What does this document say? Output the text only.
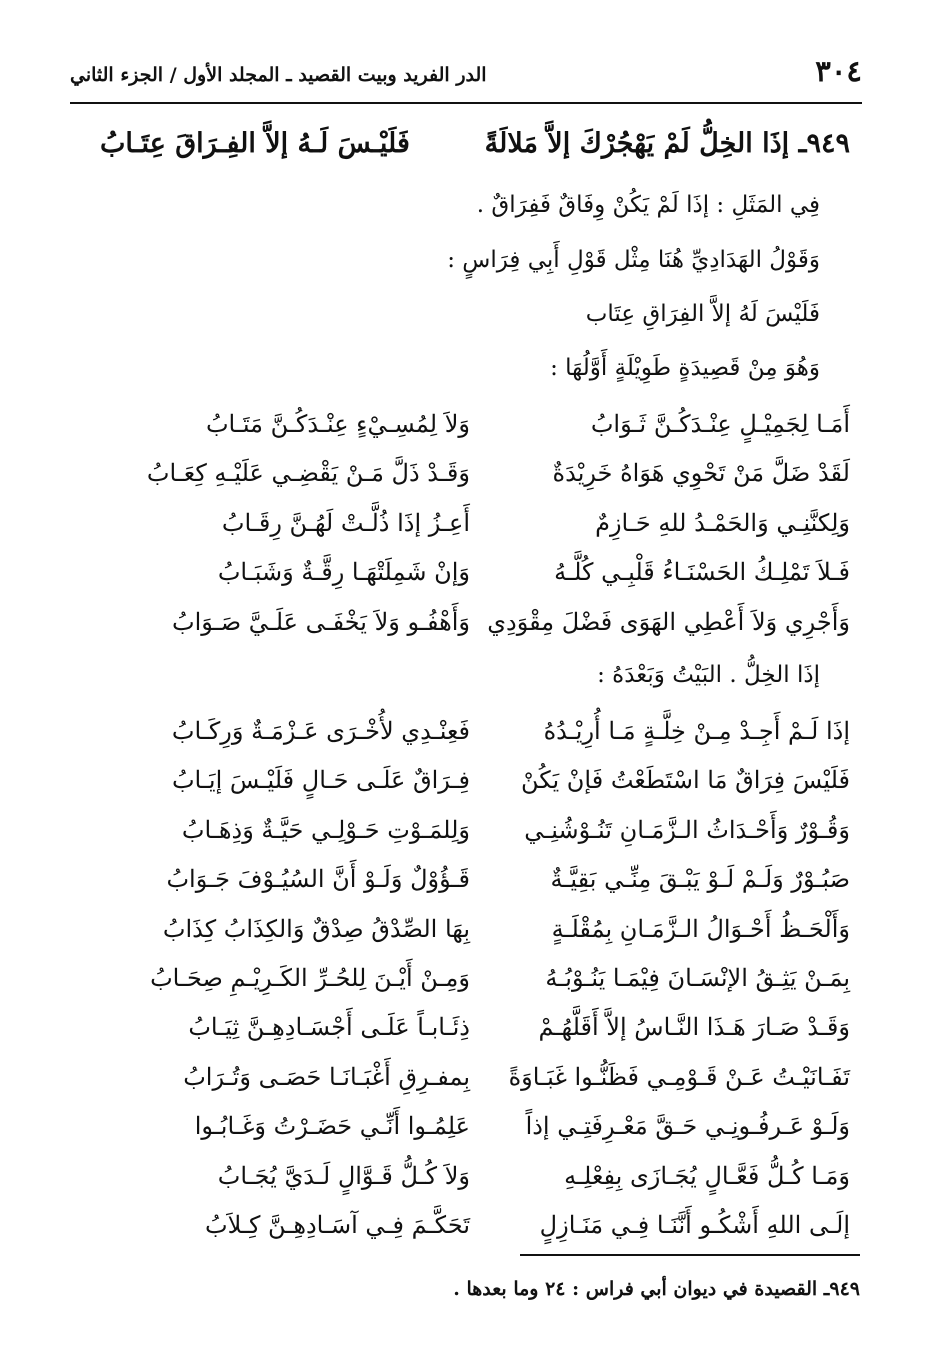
٣٠٤
الدر الفريد وبيت القصيد ـ المجلد الأول / الجزء الثاني
٩٤٩ـ إذَا الخِلُّ لَمْ يَهْجُرْكَ إلاَّ مَلالَةً
فَلَيْـسَ لَـهُ إلاَّ الفِـرَاقَ عِتَـابُ
فِي المَثَلِ : إذَا لَمْ يَكُنْ وِفَاقٌ فَفِرَاقٌ .
وَقَوْلُ الهَدَادِيِّ هُنَا مِثْل قَوْلِ أَبِي فِرَاسٍ :
فَلَيْسَ لَهُ إلاَّ الفِرَاقِ عِتَاب
وَهُوَ مِنْ قَصِيدَةٍ طَوِيْلَةٍ أَوَّلُهَا :
أَمَـا لِجَمِيْـلٍ عِنْـدَكُـنَّ ثَـوَابُ
وَلاَ لِمُسِـيْءٍ عِنْـدَكُـنَّ مَتَـابُ
لَقَدْ ضَلَّ مَنْ تَحْوِي هَوَاهُ خَرِيْدَةٌ
وَقَـدْ ذَلَّ مَـنْ يَقْضِـي عَلَيْـهِ كِعَـابُ
وَلِكنَّنِـي وَالحَمْـدُ للهِ حَـازِمٌ
أَعِـزُ إذَا ذُلَّـتْ لَهُـنَّ رِقَـابُ
فَـلاَ تَمْلِـكُ الحَسْنَـاءُ قَلْبِـي كُلَّـهُ
وَإنْ شَمِلَتْهَـا رِقَّـةٌ وَشَبَـابُ
وَأَجْرِي وَلاَ أَعْطِي الهَوَى فَضْلَ مِقْوَدِي
وَأَهْفُـو وَلاَ يَخْفَـى عَلَـيَّ صَـوَابُ
إذَا الخِلُّ . البَيْتُ وَبَعْدَهُ :
إذَا لَـمْ أَجِـدْ مِـنْ خِلَّـةٍ مَـا أُرِيْـدُهُ
فَعِنْـدِي لأُخْـرَى عَـزْمَـةٌ وَرِكَـابُ
فَلَيْسَ فِرَاقٌ مَا اسْتَطَعْتُ فَإنْ يَكُنْ
فِـرَاقٌ عَلَـى حَـالٍ فَلَيْـسَ إيَـابُ
وَقُـوْرٌ وَأَحْـدَاثُ الـزَّمَـانِ تَنُـوْشُنِـي
وَلِلمَـوْتِ حَـوْلِـي حَيَّـةٌ وَذِهَـابُ
صَبُـوْرٌ وَلَـمْ لَـوْ يَبْـقَ مِنِّـي بَقِيَّـةٌ
قَـؤُوْلٌ وَلَـوْ أَنَّ السُيُـوْفَ جَـوَابُ
وَأَلْحَـظُ أَحْـوَالُ الـزَّمَـانِ بِمُقْلَـةٍ
بِهَا الصِّدْقُ صِدْقٌ وَالكِذَابُ كِذَابُ
بِمَـنْ يَثِـقُ الإنْسَـانَ فِيْمَـا يَنُـوْبُـهُ
وَمِـنْ أَيْـنَ لِلحُـرِّ الكَـرِيْـمِ صِحَـابُ
وَقَـدْ صَـارَ هَـذَا النَّـاسُ إلاَّ أَقَلَّهُـمْ
ذِئَـابـاً عَلَـى أَجْسَـادِهِـنَّ ثِيَـابُ
تَفَـانَيْـتُ عَـنْ قَـوْمِـي فَظَنُّـوا غَبَـاوَةً
بِمفـرِقِ أَغْبَـانَـا حَصَـى وَتُـرَابُ
وَلَـوْ عَـرفُـونِـي حَـقَّ مَعْـرِفَتِـي إذاً
عَلِمُـوا أَنِّـي حَضَـرْتُ وَغَـابُـوا
وَمَـا كُـلُّ فَعَّـالٍ يُجَـازَى بِفِعْلِـهِ
وَلاَ كُـلُّ قَـوَّالٍ لَـدَيَّ يُجَـابُ
إلَـى اللهِ أَشْكُـو أَنَّنَـا فِـي مَنَـازِلٍ
تَحَكَّـمَ فِـي آسَـادِهِـنَّ كِـلاَبُ
٩٤٩ـ القصيدة في ديوان أبي فراس : ٢٤ وما بعدها .
